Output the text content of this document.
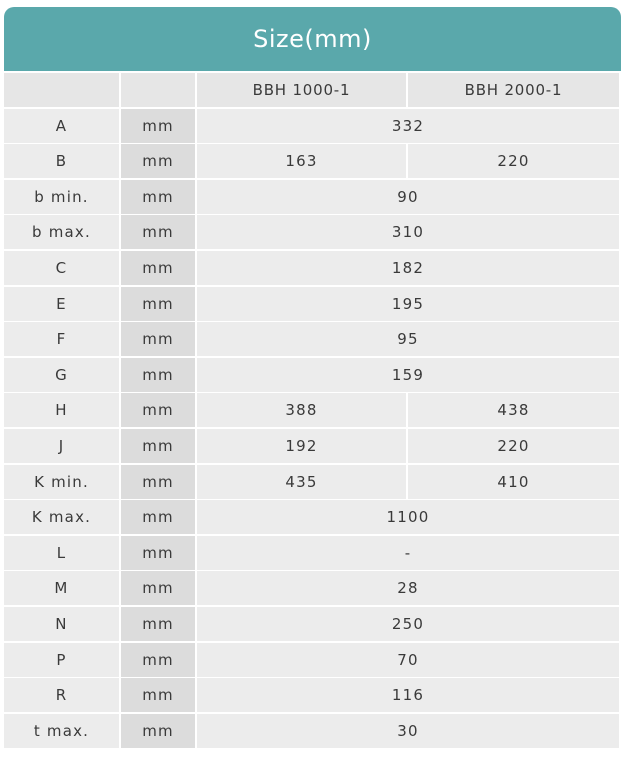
Size(mm)
BBH 1000-1	BBH 2000-1
A	mm	332
B	mm	163	220
b min.	mm	90
b max.	mm	310
C	mm	182
E	mm	195
F	mm	95
G	mm	159
H	mm	388	438
J	mm	192	220
K min.	mm	435	410
K max.	mm	1100
L	mm	-
M	mm	28
N	mm	250
P	mm	70
R	mm	116
t max.	mm	30
